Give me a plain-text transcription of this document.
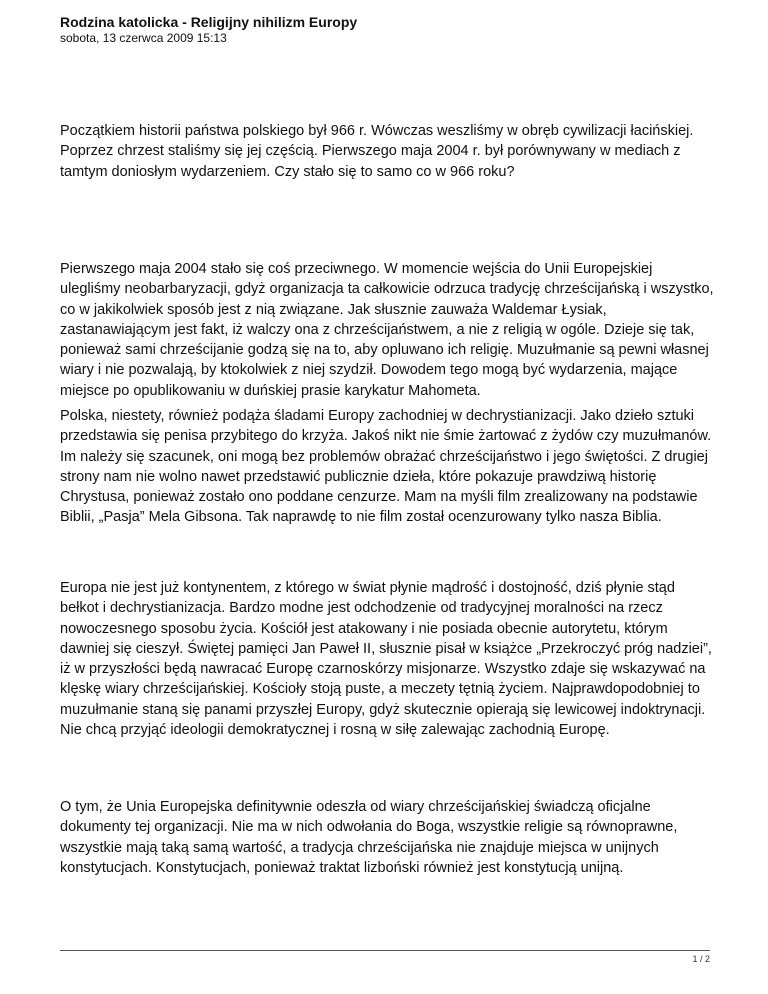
Rodzina katolicka - Religijny nihilizm Europy

sobota, 13 czerwca 2009 15:13

Początkiem historii państwa polskiego był 966 r. Wówczas weszliśmy w obręb cywilizacji łacińskiej. Poprzez chrzest staliśmy się jej częścią. Pierwszego maja 2004 r. był porównywany w mediach z tamtym doniosłym wydarzeniem. Czy stało się to samo co w 966 roku?

Pierwszego maja 2004 stało się coś przeciwnego. W momencie wejścia do Unii Europejskiej ulegliśmy neobarbaryzacji, gdyż organizacja ta całkowicie odrzuca tradycję chrześcijańską i wszystko, co w jakikolwiek sposób jest z nią związane. Jak słusznie zauważa Waldemar Łysiak, zastanawiającym jest fakt, iż walczy ona z chrześcijaństwem, a nie z religią w ogóle. Dzieje się tak, ponieważ sami chrześcijanie godzą się na to, aby opluwano ich religię. Muzułmanie są pewni własnej wiary i nie pozwalają, by ktokolwiek z niej szydził. Dowodem tego mogą być wydarzenia, mające miejsce po opublikowaniu w duńskiej prasie karykatur Mahometa.

Polska, niestety, również podąża śladami Europy zachodniej w dechrystianizacji. Jako dzieło sztuki przedstawia się penisa przybitego do krzyża. Jakoś nikt nie śmie żartować z żydów czy muzułmanów. Im należy się szacunek, oni mogą bez problemów obrażać chrześcijaństwo i jego świętości. Z drugiej strony nam nie wolno nawet przedstawić publicznie dzieła, które pokazuje prawdziwą historię Chrystusa, ponieważ zostało ono poddane cenzurze. Mam na myśli film zrealizowany na podstawie Biblii, „Pasja” Mela Gibsona. Tak naprawdę to nie film został ocenzurowany tylko nasza Biblia.

Europa nie jest już kontynentem, z którego w świat płynie mądrość i dostojność, dziś płynie stąd bełkot i dechrystianizacja. Bardzo modne jest odchodzenie od tradycyjnej moralności na rzecz nowoczesnego sposobu życia. Kościół jest atakowany i nie posiada obecnie autorytetu, którym dawniej się cieszył. Świętej pamięci Jan Paweł II, słusznie pisał w książce „Przekroczyć próg nadziei”, iż w przyszłości będą nawracać Europę czarnoskórzy misjonarze. Wszystko zdaje się wskazywać na klęskę wiary chrześcijańskiej. Kościoły stoją puste, a meczety tętnią życiem. Najprawdopodobniej to muzułmanie staną się panami przyszłej Europy, gdyż skutecznie opierają się lewicowej indoktrynacji. Nie chcą przyjąć ideologii demokratycznej i rosną w siłę zalewając zachodnią Europę.

O tym, że Unia Europejska definitywnie odeszła od wiary chrześcijańskiej świadczą oficjalne dokumenty tej organizacji. Nie ma w nich odwołania do Boga, wszystkie religie są równoprawne, wszystkie mają taką samą wartość, a tradycja chrześcijańska nie znajduje miejsca w unijnych konstytucjach. Konstytucjach, ponieważ traktat lizboński również jest konstytucją unijną.

1 / 2
